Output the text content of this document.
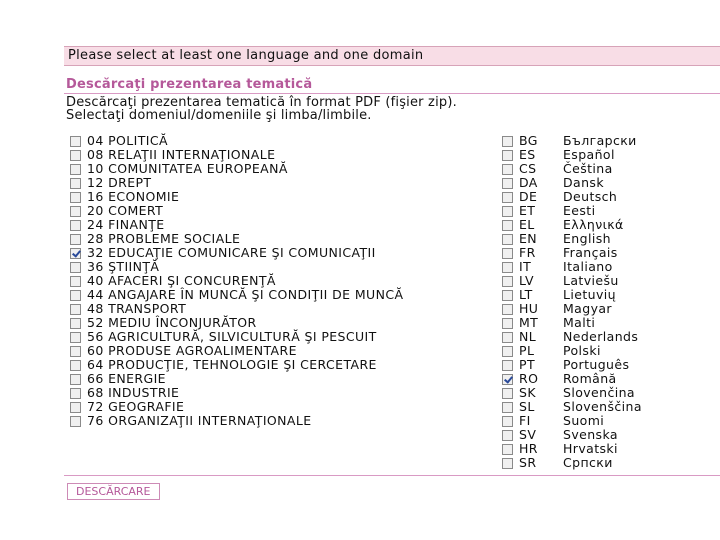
Please select at least one language and one domain
Descărcaţi prezentarea tematică
Descărcaţi prezentarea tematică în format PDF (fişier zip).
Selectaţi domeniul/domeniile şi limba/limbile.
04 POLITICĂ
08 RELAŢII INTERNAŢIONALE
10 COMUNITATEA EUROPEANĂ
12 DREPT
16 ECONOMIE
20 COMERT
24 FINANŢE
28 PROBLEME SOCIALE
32 EDUCAŢIE COMUNICARE ŞI COMUNICAŢII
36 ŞTIINŢĂ
40 AFACERI ŞI CONCURENŢĂ
44 ANGAJARE ÎN MUNCĂ ŞI CONDIŢII DE MUNCĂ
48 TRANSPORT
52 MEDIU ÎNCONJURĂTOR
56 AGRICULTURĂ, SILVICULTURĂ ŞI PESCUIT
60 PRODUSE AGROALIMENTARE
64 PRODUCŢIE, TEHNOLOGIE ŞI CERCETARE
66 ENERGIE
68 INDUSTRIE
72 GEOGRAFIE
76 ORGANIZAŢII INTERNAŢIONALE
BG	Български
ES	Español
CS	Čeština
DA	Dansk
DE	Deutsch
ET	Eesti
EL	Ελληνικά
EN	English
FR	Français
IT	Italiano
LV	Latviešu
LT	Lietuvių
HU	Magyar
MT	Malti
NL	Nederlands
PL	Polski
PT	Português
RO	Română
SK	Slovenčina
SL	Slovenščina
FI	Suomi
SV	Svenska
HR	Hrvatski
SR	Српски
DESCĂRCARE
